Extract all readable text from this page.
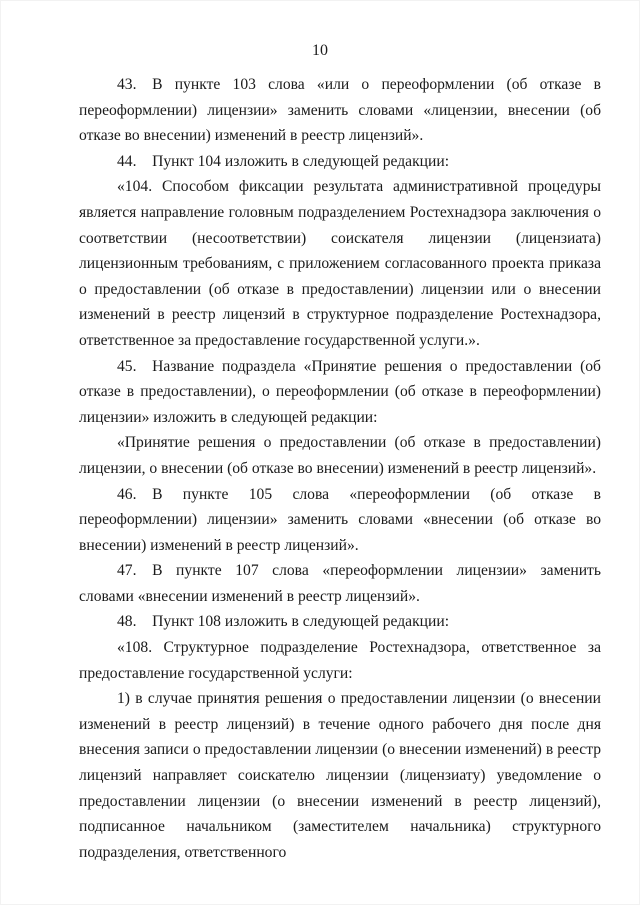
10

43. В пункте 103 слова «или о переоформлении (об отказе в переоформлении) лицензии» заменить словами «лицензии, внесении (об отказе во внесении) изменений в реестр лицензий».

44. Пункт 104 изложить в следующей редакции:

«104. Способом фиксации результата административной процедуры является направление головным подразделением Ростехнадзора заключения о соответствии (несоответствии) соискателя лицензии (лицензиата) лицензионным требованиям, с приложением согласованного проекта приказа о предоставлении (об отказе в предоставлении) лицензии или о внесении изменений в реестр лицензий в структурное подразделение Ростехнадзора, ответственное за предоставление государственной услуги.».

45. Название подраздела «Принятие решения о предоставлении (об отказе в предоставлении), о переоформлении (об отказе в переоформлении) лицензии» изложить в следующей редакции:

«Принятие решения о предоставлении (об отказе в предоставлении) лицензии, о внесении (об отказе во внесении) изменений в реестр лицензий».

46. В пункте 105 слова «переоформлении (об отказе в переоформлении) лицензии» заменить словами «внесении (об отказе во внесении) изменений в реестр лицензий».

47. В пункте 107 слова «переоформлении лицензии» заменить словами «внесении изменений в реестр лицензий».

48. Пункт 108 изложить в следующей редакции:

«108. Структурное подразделение Ростехнадзора, ответственное за предоставление государственной услуги:

1) в случае принятия решения о предоставлении лицензии (о внесении изменений в реестр лицензий) в течение одного рабочего дня после дня внесения записи о предоставлении лицензии (о внесении изменений) в реестр лицензий направляет соискателю лицензии (лицензиату) уведомление о предоставлении лицензии (о внесении изменений в реестр лицензий), подписанное начальником (заместителем начальника) структурного подразделения, ответственного
